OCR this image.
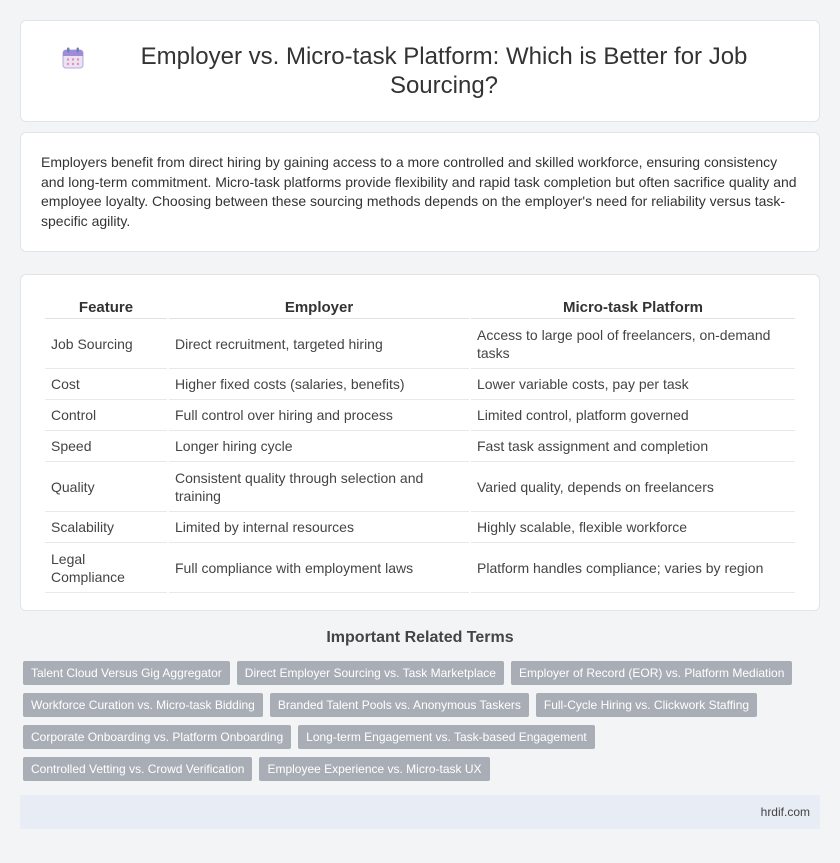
Employer vs. Micro-task Platform: Which is Better for Job Sourcing?

Employers benefit from direct hiring by gaining access to a more controlled and skilled workforce, ensuring consistency and long-term commitment. Micro-task platforms provide flexibility and rapid task completion but often sacrifice quality and employee loyalty. Choosing between these sourcing methods depends on the employer's need for reliability versus task-specific agility.

Feature	Employer	Micro-task Platform
Job Sourcing	Direct recruitment, targeted hiring	Access to large pool of freelancers, on-demand tasks
Cost	Higher fixed costs (salaries, benefits)	Lower variable costs, pay per task
Control	Full control over hiring and process	Limited control, platform governed
Speed	Longer hiring cycle	Fast task assignment and completion
Quality	Consistent quality through selection and training	Varied quality, depends on freelancers
Scalability	Limited by internal resources	Highly scalable, flexible workforce
Legal Compliance	Full compliance with employment laws	Platform handles compliance; varies by region
Important Related Terms
Talent Cloud Versus Gig Aggregator	Direct Employer Sourcing vs. Task Marketplace	Employer of Record (EOR) vs. Platform Mediation
Workforce Curation vs. Micro-task Bidding	Branded Talent Pools vs. Anonymous Taskers	Full-Cycle Hiring vs. Clickwork Staffing
Corporate Onboarding vs. Platform Onboarding	Long-term Engagement vs. Task-based Engagement
Controlled Vetting vs. Crowd Verification	Employee Experience vs. Micro-task UX
hrdif.com
